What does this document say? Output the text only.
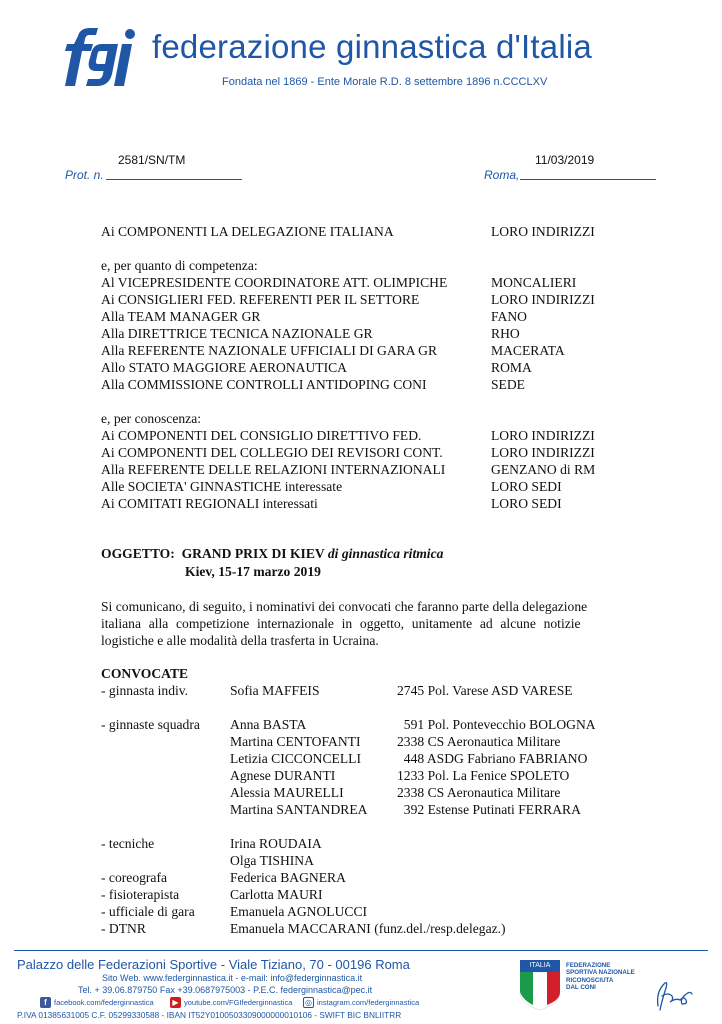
federazione ginnastica d'Italia
Fondata nel 1869 - Ente Morale R.D. 8 settembre 1896 n.CCCLXV
2581/SN/TM
Prot. n.
11/03/2019
Roma,
Ai COMPONENTI LA DELEGAZIONE ITALIANA	LORO INDIRIZZI
e, per quanto di competenza:
Al VICEPRESIDENTE COORDINATORE ATT. OLIMPICHE	MONCALIERI
Ai CONSIGLIERI FED. REFERENTI PER IL SETTORE	LORO INDIRIZZI
Alla TEAM MANAGER GR	FANO
Alla DIRETTRICE TECNICA NAZIONALE GR	RHO
Alla REFERENTE NAZIONALE UFFICIALI DI GARA GR	MACERATA
Allo STATO MAGGIORE AERONAUTICA	ROMA
Alla COMMISSIONE CONTROLLI ANTIDOPING CONI	SEDE
e, per conoscenza:
Ai COMPONENTI DEL CONSIGLIO DIRETTIVO FED.	LORO INDIRIZZI
Ai COMPONENTI DEL COLLEGIO DEI REVISORI CONT.	LORO INDIRIZZI
Alla REFERENTE DELLE RELAZIONI INTERNAZIONALI	GENZANO di RM
Alle SOCIETA' GINNASTICHE interessate	LORO SEDI
Ai COMITATI REGIONALI interessati	LORO SEDI
OGGETTO: GRAND PRIX DI KIEV di ginnastica ritmica
Kiev, 15-17 marzo 2019
Si comunicano, di seguito, i nominativi dei convocati che faranno parte della delegazione
italiana alla competizione internazionale in oggetto, unitamente ad alcune notizie
logistiche e alle modalità della trasferta in Ucraina.
CONVOCATE
- ginnasta indiv.	Sofia MAFFEIS	2745 Pol. Varese ASD VARESE
- ginnaste squadra Anna BASTA	591 Pol. Pontevecchio BOLOGNA
Martina CENTOFANTI	2338 CS Aeronautica Militare
Letizia CICCONCELLI	448 ASDG Fabriano FABRIANO
Agnese DURANTI	1233 Pol. La Fenice SPOLETO
Alessia MAURELLI	2338 CS Aeronautica Militare
Martina SANTANDREA 392 Estense Putinati FERRARA
- tecniche	Irina ROUDAIA
Olga TISHINA
- coreografa	Federica BAGNERA
- fisioterapista	Carlotta MAURI
- ufficiale di gara	Emanuela AGNOLUCCI
- DTNR	Emanuela MACCARANI (funz.del./resp.delegaz.)
Palazzo delle Federazioni Sportive - Viale Tiziano, 70 - 00196 Roma
Sito Web. www.federginnastica.it - e-mail: info@federginnastica.it
Tel. + 39.06.879750 Fax +39.0687975003 - P.E.C. federginnastica@pec.it
f facebook.com/federginnastica	▶ youtube.com/FGIfederginnastica ◎ instagram.com/federginnastica
P.IVA 01385631005 C.F. 05299330588 - IBAN IT52Y0100503309000000010106 - SWIFT BIC BNLIITRR
ITALIA	FEDERAZIONE
SPORTIVA NAZIONALE
RICONOSCIUTA
DAL CONI
